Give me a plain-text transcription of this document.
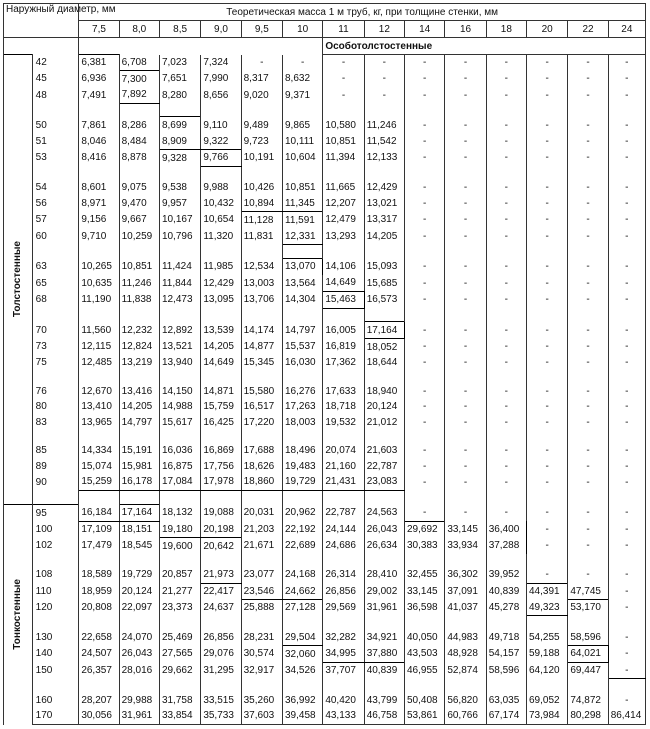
Наружный диаметр, мм		Теоретическая масса 1 м труб, кг, при толщине стенки, мм													
		7,5	8,0	8,5	9,0	9,5	10	11	12	14	16	18	20	22	24
								Особотолстостенные							

Толстостенные	42	6,381	6,708	7,023	7,324	-	-	-	-	-	-	-	-	-	-
	45	6,936	7,300	7,651	7,990	8,317	8,632	-	-	-	-	-	-	-	-
	48	7,491	7,892	8,280	8,656	9,020	9,371	-	-	-	-	-	-	-	-

	50	7,861	8,286	8,699	9,110	9,489	9,865	10,580	11,246	-	-	-	-	-	-
	51	8,046	8,484	8,909	9,322	9,723	10,111	10,851	11,542	-	-	-	-	-	-
	53	8,416	8,878	9,328	9,766	10,191	10,604	11,394	12,133	-	-	-	-	-	-

	54	8,601	9,075	9,538	9,988	10,426	10,851	11,665	12,429	-	-	-	-	-	-
	56	8,971	9,470	9,957	10,432	10,894	11,345	12,207	13,021	-	-	-	-	-	-
	57	9,156	9,667	10,167	10,654	11,128	11,591	12,479	13,317	-	-	-	-	-	-
	60	9,710	10,259	10,796	11,320	11,831	12,331	13,293	14,205	-	-	-	-	-	-

	63	10,265	10,851	11,424	11,985	12,534	13,070	14,106	15,093	-	-	-	-	-	-
	65	10,635	11,246	11,844	12,429	13,003	13,564	14,649	15,685	-	-	-	-	-	-
	68	11,190	11,838	12,473	13,095	13,706	14,304	15,463	16,573	-	-	-	-	-	-

	70	11,560	12,232	12,892	13,539	14,174	14,797	16,005	17,164	-	-	-	-	-	-
	73	12,115	12,824	13,521	14,205	14,877	15,537	16,819	18,052	-	-	-	-	-	-
	75	12,485	13,219	13,940	14,649	15,345	16,030	17,362	18,644	-	-	-	-	-	-

	76	12,670	13,416	14,150	14,871	15,580	16,276	17,633	18,940	-	-	-	-	-	-
	80	13,410	14,205	14,988	15,759	16,517	17,263	18,718	20,124	-	-	-	-	-	-
	83	13,965	14,797	15,617	16,425	17,220	18,003	19,532	21,012	-	-	-	-	-	-

	85	14,334	15,191	16,036	16,869	17,688	18,496	20,074	21,603	-	-	-	-	-	-
	89	15,074	15,981	16,875	17,756	18,626	19,483	21,160	22,787	-	-	-	-	-	-
	90	15,259	16,178	17,084	17,978	18,860	19,729	21,431	23,083	-	-	-	-	-	-

Тонкостенные	95	16,184	17,164	18,132	19,088	20,031	20,962	22,787	24,563	-	-	-	-	-	-
	100	17,109	18,151	19,180	20,198	21,203	22,192	24,144	26,043	29,692	33,145	36,400	-	-	-
	102	17,479	18,545	19,600	20,642	21,671	22,689	24,686	26,634	30,383	33,934	37,288	-	-	-

	108	18,589	19,729	20,857	21,973	23,077	24,168	26,314	28,410	32,455	36,302	39,952	-	-	-
	110	18,959	20,124	21,277	22,417	23,546	24,662	26,856	29,002	33,145	37,091	40,839	44,391	47,745	-
	120	20,808	22,097	23,373	24,637	25,888	27,128	29,569	31,961	36,598	41,037	45,278	49,323	53,170	-

	130	22,658	24,070	25,469	26,856	28,231	29,504	32,282	34,921	40,050	44,983	49,718	54,255	58,596	-
	140	24,507	26,043	27,565	29,076	30,574	32,060	34,995	37,880	43,503	48,928	54,157	59,188	64,021	-
	150	26,357	28,016	29,662	31,295	32,917	34,526	37,707	40,839	46,955	52,874	58,596	64,120	69,447	-

	160	28,207	29,988	31,758	33,515	35,260	36,992	40,420	43,799	50,408	56,820	63,035	69,052	74,872	-
	170	30,056	31,961	33,854	35,733	37,603	39,458	43,133	46,758	53,861	60,766	67,174	73,984	80,298	86,414
